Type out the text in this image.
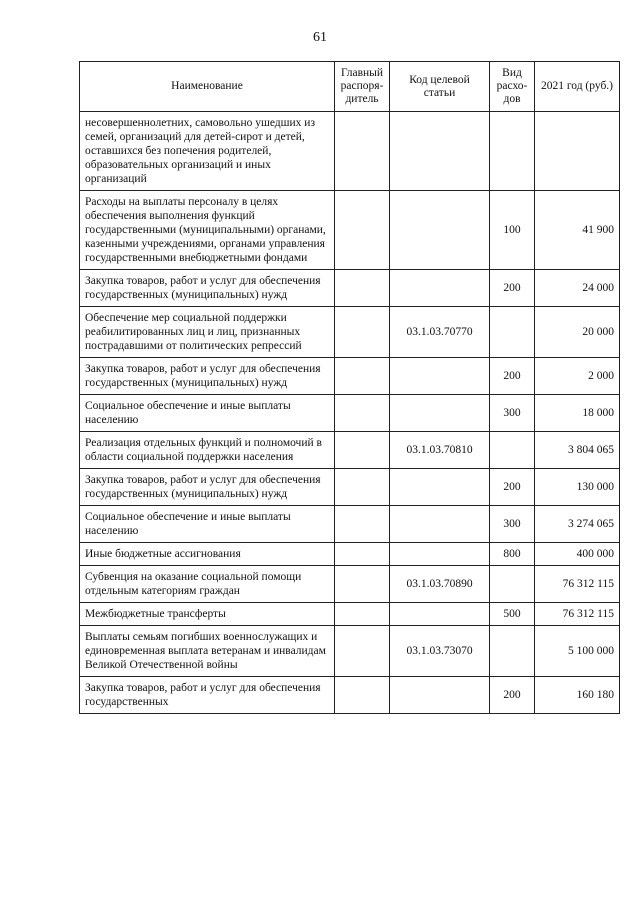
61
Наименование	Главный распоря-дитель	Код целевой статьи	Вид расхо-дов	2021 год (руб.)
несовершеннолетних, самовольно ушедших из семей, организаций для детей-сирот и детей, оставшихся без попечения родителей, образовательных организаций и иных организаций				
Расходы на выплаты персоналу в целях обеспечения выполнения функций государственными (муниципальными) органами, казенными учреждениями, органами управления государственными внебюджетными фондами			100	41 900
Закупка товаров, работ и услуг для обеспечения государственных (муниципальных) нужд			200	24 000
Обеспечение мер социальной поддержки реабилитированных лиц и лиц, признанных пострадавшими от политических репрессий		03.1.03.70770		20 000
Закупка товаров, работ и услуг для обеспечения государственных (муниципальных) нужд			200	2 000
Социальное обеспечение и иные выплаты населению			300	18 000
Реализация отдельных функций и полномочий в области социальной поддержки населения		03.1.03.70810		3 804 065
Закупка товаров, работ и услуг для обеспечения государственных (муниципальных) нужд			200	130 000
Социальное обеспечение и иные выплаты населению			300	3 274 065
Иные бюджетные ассигнования			800	400 000
Субвенция на оказание социальной помощи отдельным категориям граждан		03.1.03.70890		76 312 115
Межбюджетные трансферты			500	76 312 115
Выплаты семьям погибших военнослужащих и единовременная выплата ветеранам и инвалидам Великой Отечественной войны		03.1.03.73070		5 100 000
Закупка товаров, работ и услуг для обеспечения государственных			200	160 180
